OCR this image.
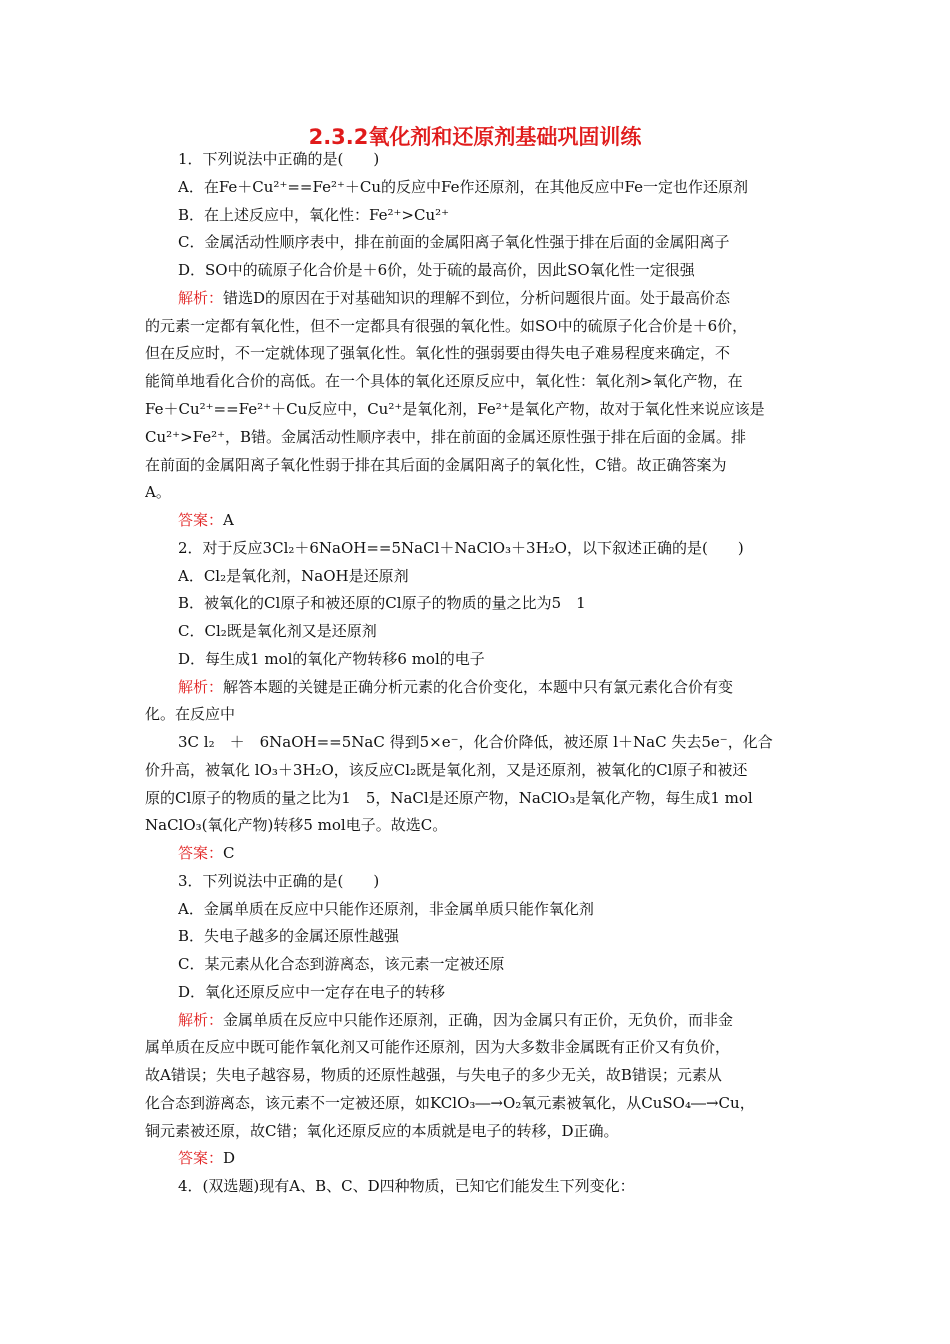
2.3.2氧化剂和还原剂基础巩固训练
1．下列说法中正确的是(　　)
A．在Fe＋Cu²⁺==Fe²⁺＋Cu的反应中Fe作还原剂，在其他反应中Fe一定也作还原剂
B．在上述反应中，氧化性：Fe²⁺>Cu²⁺
C．金属活动性顺序表中，排在前面的金属阳离子氧化性强于排在后面的金属阳离子
D．SO中的硫原子化合价是＋6价，处于硫的最高价，因此SO氧化性一定很强
解析：错选D的原因在于对基础知识的理解不到位，分析问题很片面。处于最高价态
的元素一定都有氧化性，但不一定都具有很强的氧化性。如SO中的硫原子化合价是＋6价，
但在反应时，不一定就体现了强氧化性。氧化性的强弱要由得失电子难易程度来确定，不
能简单地看化合价的高低。在一个具体的氧化还原反应中，氧化性：氧化剂>氧化产物，在
Fe＋Cu²⁺==Fe²⁺＋Cu反应中，Cu²⁺是氧化剂，Fe²⁺是氧化产物，故对于氧化性来说应该是
Cu²⁺>Fe²⁺，B错。金属活动性顺序表中，排在前面的金属还原性强于排在后面的金属。排
在前面的金属阳离子氧化性弱于排在其后面的金属阳离子的氧化性，C错。故正确答案为
A。
答案：A
2．对于反应3Cl₂＋6NaOH==5NaCl＋NaClO₃＋3H₂O，以下叙述正确的是(　　)
A．Cl₂是氧化剂，NaOH是还原剂
B．被氧化的Cl原子和被还原的Cl原子的物质的量之比为5　1
C．Cl₂既是氧化剂又是还原剂
D．每生成1 mol的氧化产物转移6 mol的电子
解析：解答本题的关键是正确分析元素的化合价变化，本题中只有氯元素化合价有变
化。在反应中
3C l₂　＋　6NaOH==5NaC 得到5×e⁻，化合价降低，被还原 l＋NaC 失去5e⁻，化合
价升高，被氧化 lO₃＋3H₂O，该反应Cl₂既是氧化剂，又是还原剂，被氧化的Cl原子和被还
原的Cl原子的物质的量之比为1　5，NaCl是还原产物，NaClO₃是氧化产物，每生成1 mol
NaClO₃(氧化产物)转移5 mol电子。故选C。
答案：C
3．下列说法中正确的是(　　)
A．金属单质在反应中只能作还原剂，非金属单质只能作氧化剂
B．失电子越多的金属还原性越强
C．某元素从化合态到游离态，该元素一定被还原
D．氧化还原反应中一定存在电子的转移
解析：金属单质在反应中只能作还原剂，正确，因为金属只有正价，无负价，而非金
属单质在反应中既可能作氧化剂又可能作还原剂，因为大多数非金属既有正价又有负价，
故A错误；失电子越容易，物质的还原性越强，与失电子的多少无关，故B错误；元素从
化合态到游离态，该元素不一定被还原，如KClO₃―→O₂氧元素被氧化，从CuSO₄―→Cu，
铜元素被还原，故C错；氧化还原反应的本质就是电子的转移，D正确。
答案：D
4．(双选题)现有A、B、C、D四种物质，已知它们能发生下列变化：
